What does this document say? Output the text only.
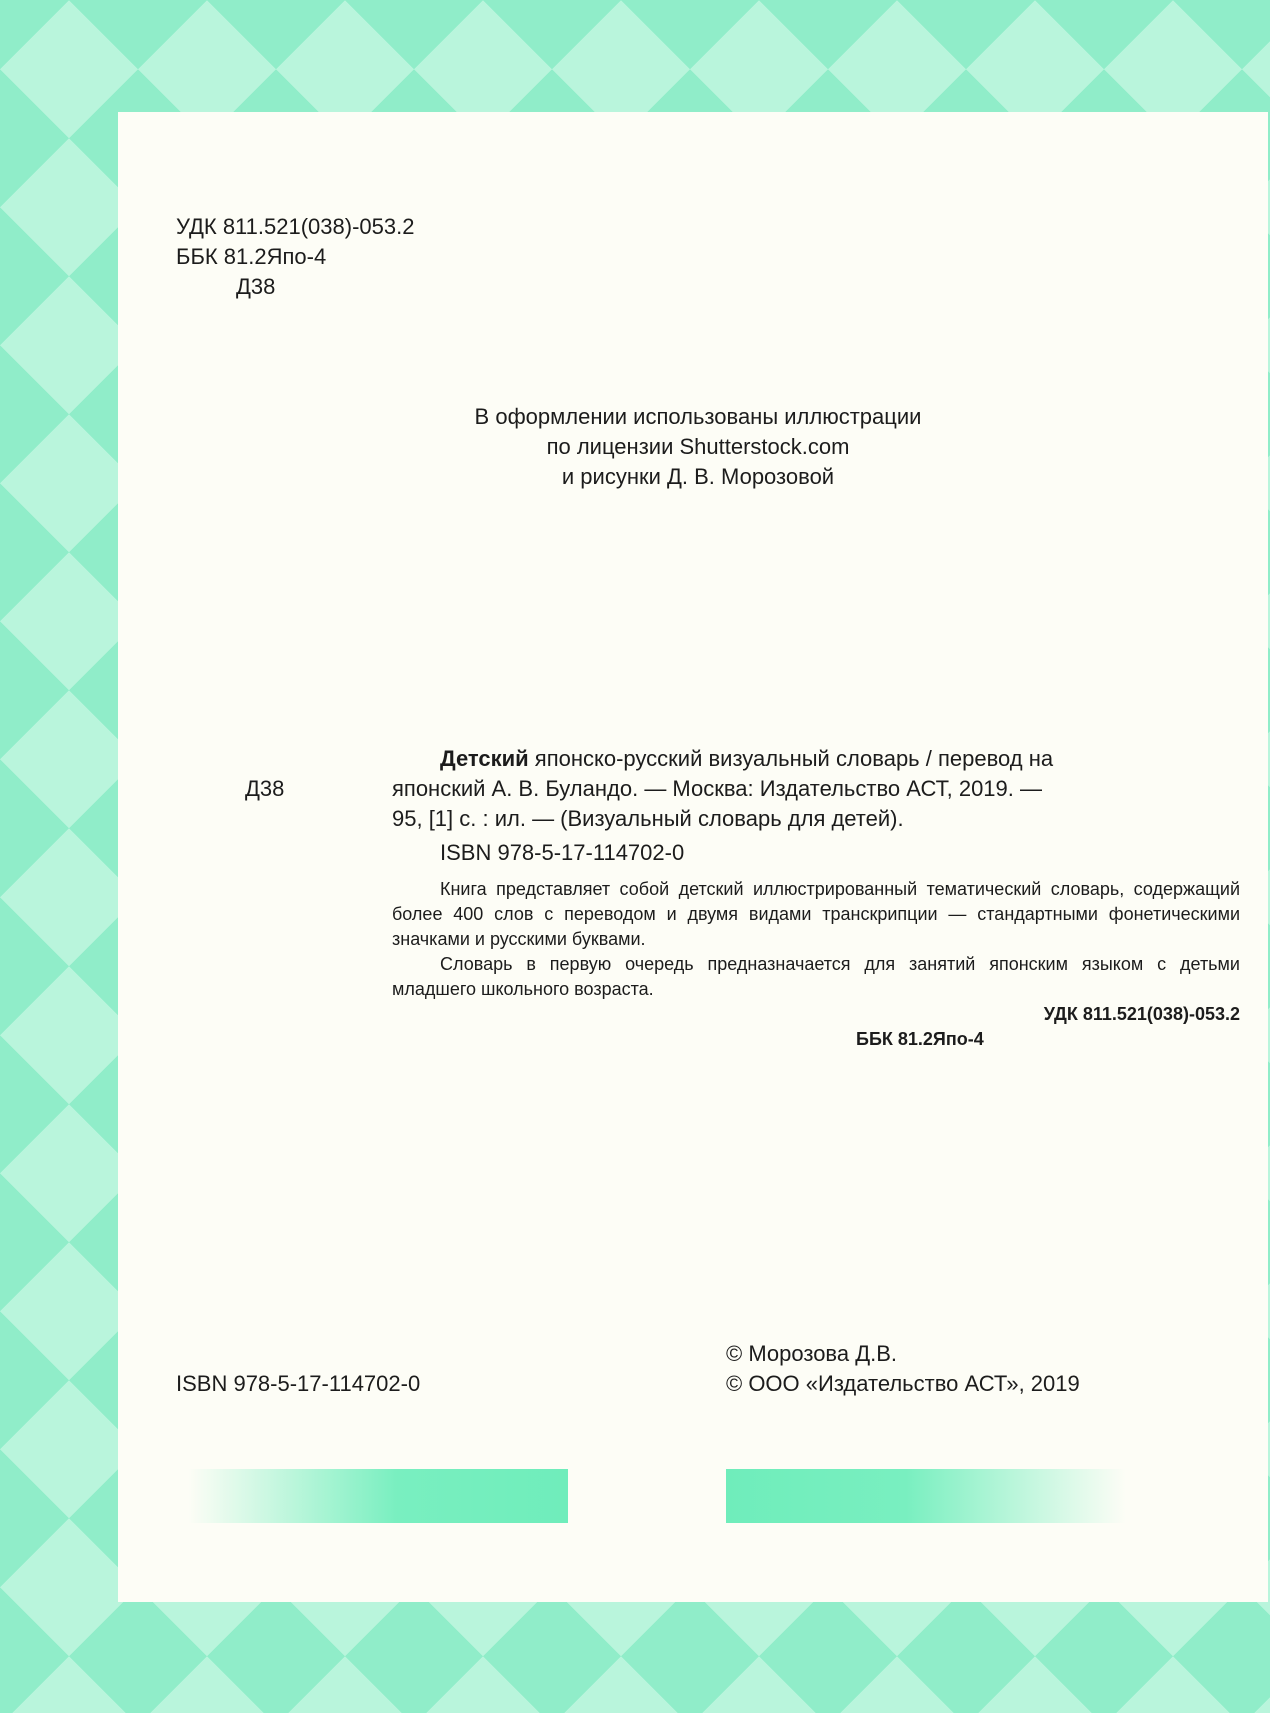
УДК 811.521(038)-053.2
ББК 81.2Япо-4
Д38
В оформлении использованы иллюстрации
по лицензии Shutterstock.com
и рисунки Д. В. Морозовой
Д38
Детский японско-русский визуальный словарь / перевод на
японский А. В. Буландо. — Москва: Издательство АСТ, 2019. —
95, [1] с. : ил. — (Визуальный словарь для детей).
ISBN 978-5-17-114702-0
Книга представляет собой детский иллюстрированный тематический словарь, содержащий более 400 слов с переводом и двумя видами транскрипции — стандартными фонетическими значками и русскими буквами.
Словарь в первую очередь предназначается для занятий японским языком с детьми младшего школьного возраста.
УДК 811.521(038)-053.2
ББК 81.2Япо-4
ISBN 978-5-17-114702-0
© Морозова Д.В.
© ООО «Издательство АСТ», 2019
